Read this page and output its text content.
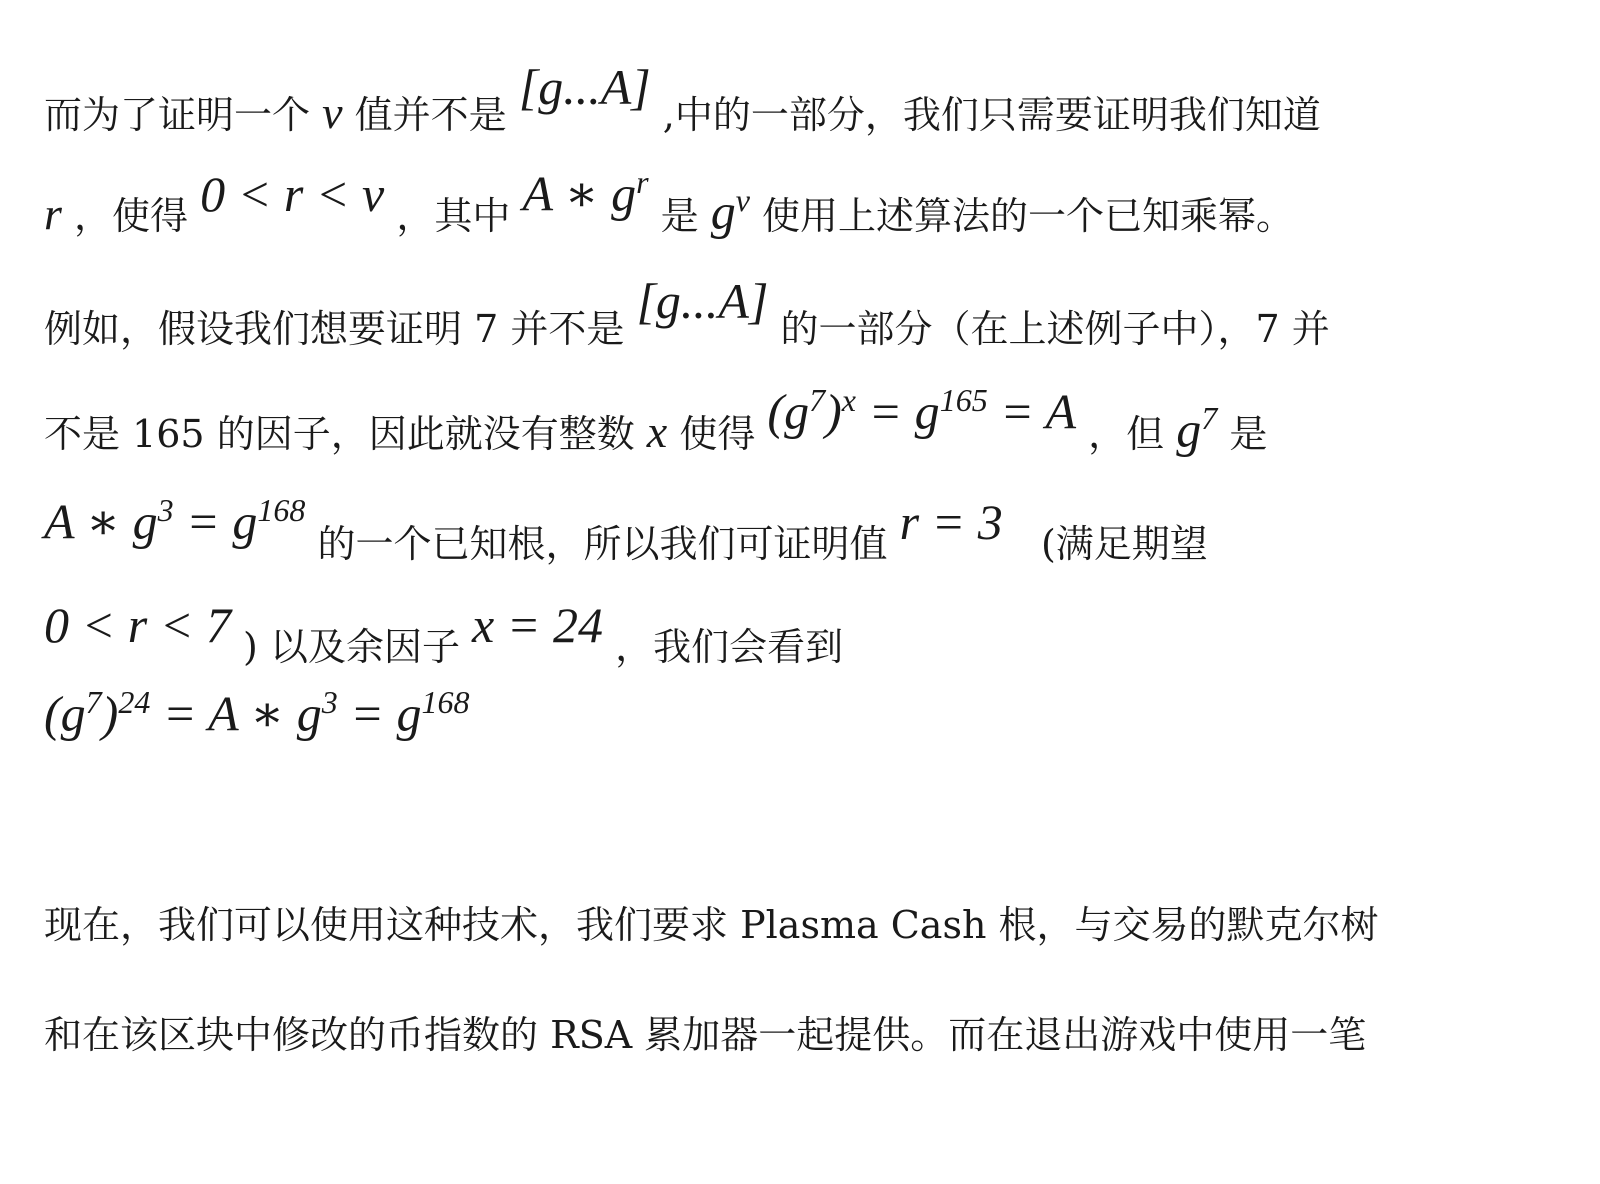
而为了证明一个 v 值并不是 [g...A] ,中的一部分，我们只需要证明我们知道
r ，使得 0 < r < v ，其中 A ∗ $g^r$ 是 $g^v$ 使用上述算法的一个已知乘幂。
例如，假设我们想要证明 7 并不是 [g...A] 的一部分（在上述例子中），7 并
不是 165 的因子，因此就没有整数 x 使得 $(g^7)^x = g^{165} = A$ ，但 $g^7$ 是
A ∗ $g^3 = g^{168}$ 的一个已知根，所以我们可证明值 r = 3 (满足期望
0 < r < 7 ) 以及余因子 x = 24 ，我们会看到
$(g^7)^{24} = A$ ∗ $g^3 = g^{168}$
现在，我们可以使用这种技术，我们要求 Plasma Cash 根，与交易的默克尔树
和在该区块中修改的币指数的 RSA 累加器一起提供。而在退出游戏中使用一笔
